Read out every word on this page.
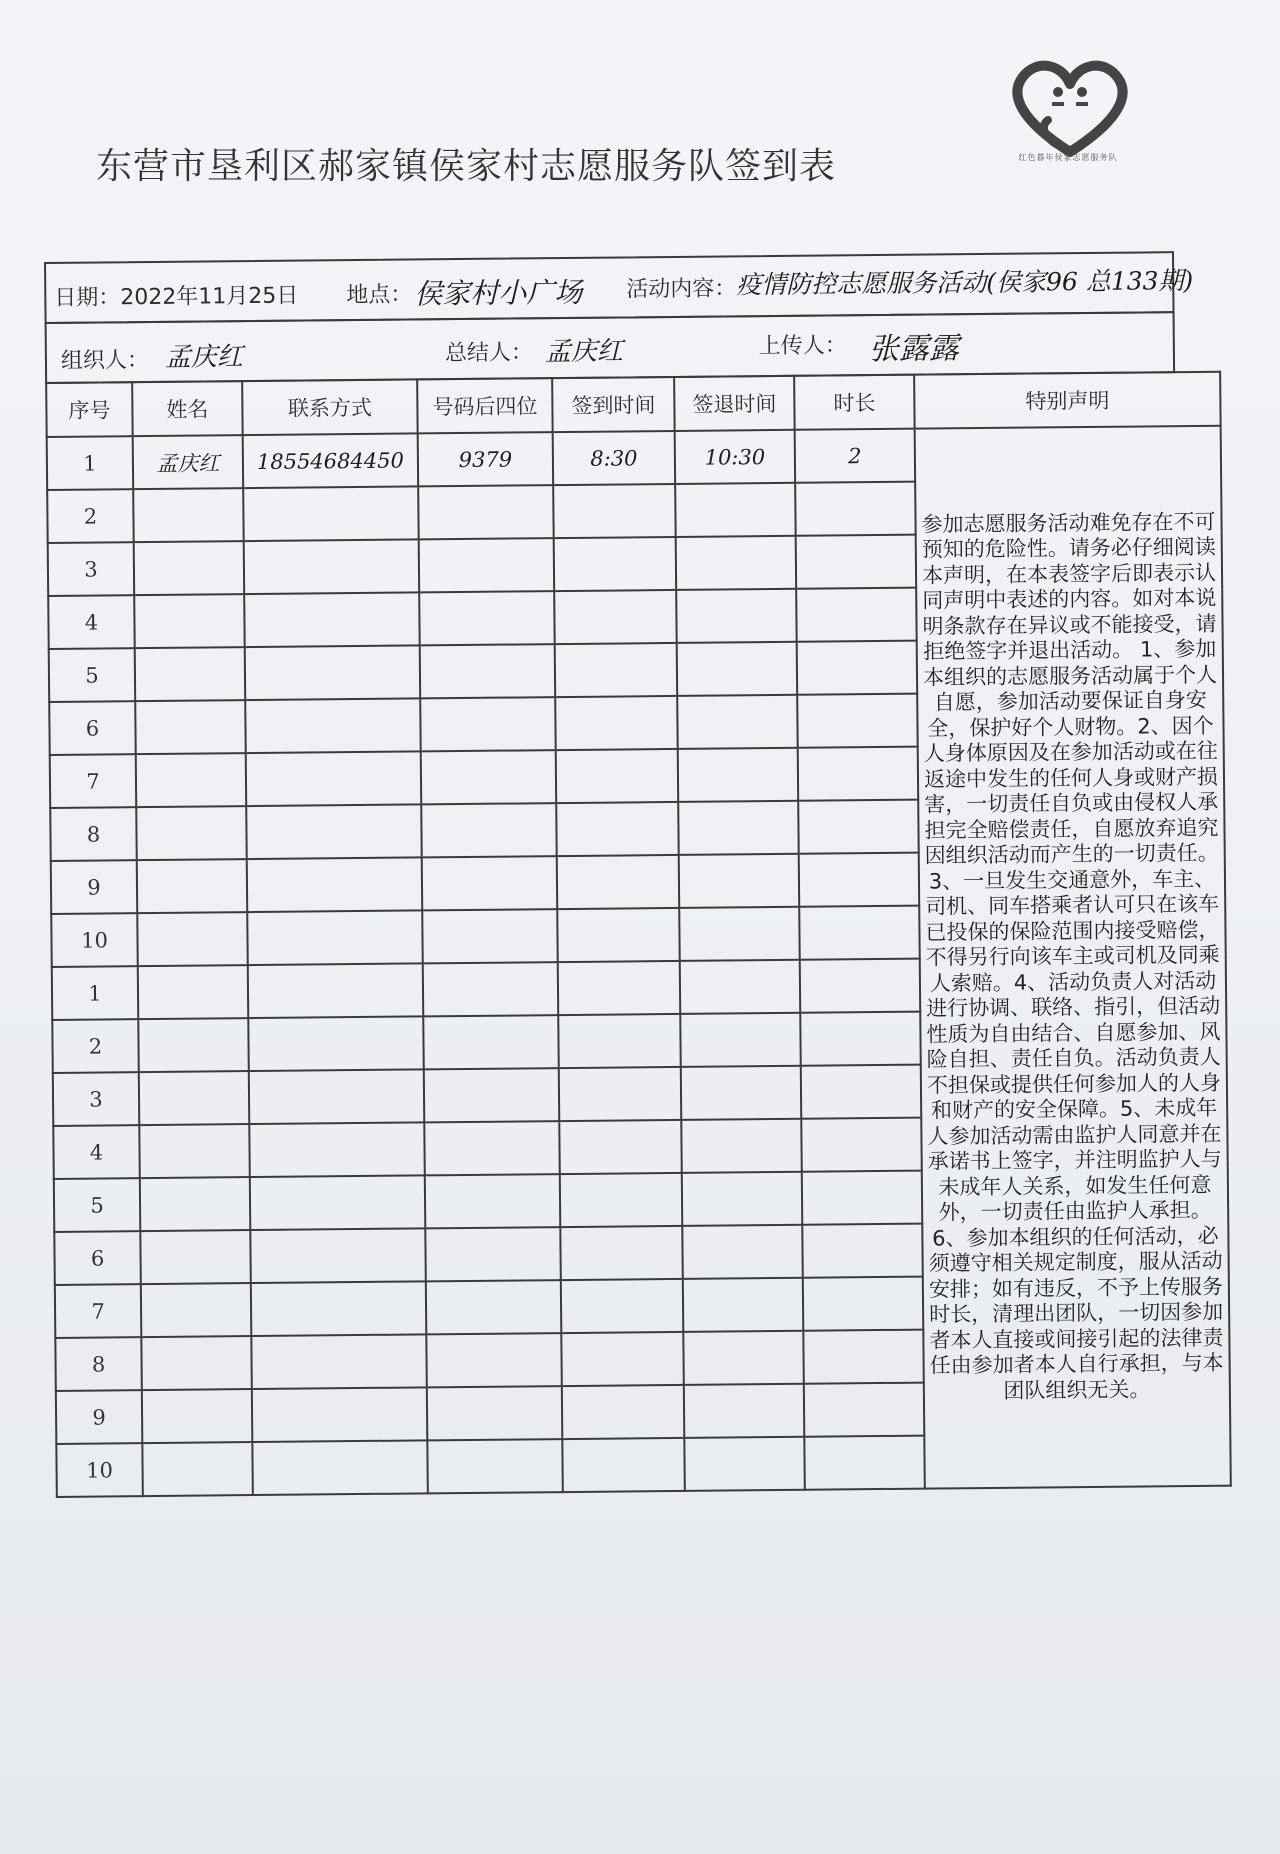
东营市垦利区郝家镇侯家村志愿服务队签到表	红色暮年侯家志愿服务队
日期： 2022年11月25日 地点： 侯家村小广场 活动内容： 疫情防控志愿服务活动(侯家96 总133期)
组织人： 孟庆红	总结人： 孟庆红	上传人： 张露露
序号	姓名	联系方式	号码后四位	签到时间	签退时间	时长	特别声明
1	孟庆红	18554684450	9379	8:30	10:30	2	参加志愿服务活动难免存在不可预知的危险性。请务必仔细阅读本声明，在本表签字后即表示认同声明中表述的内容。如对本说明条款存在异议或不能接受，请拒绝签字并退出活动。 1、参加本组织的志愿服务活动属于个人自愿，参加活动要保证自身安全，保护好个人财物。2、因个人身体原因及在参加活动或在往返途中发生的任何人身或财产损害，一切责任自负或由侵权人承担完全赔偿责任，自愿放弃追究因组织活动而产生的一切责任。3、一旦发生交通意外，车主、司机、同车搭乘者认可只在该车已投保的保险范围内接受赔偿，不得另行向该车主或司机及同乘人索赔。4、活动负责人对活动进行协调、联络、指引，但活动性质为自由结合、自愿参加、风险自担、责任自负。活动负责人不担保或提供任何参加人的人身和财产的安全保障。5、未成年人参加活动需由监护人同意并在承诺书上签字，并注明监护人与未成年人关系，如发生任何意外，一切责任由监护人承担。6、参加本组织的任何活动，必须遵守相关规定制度，服从活动安排；如有违反，不予上传服务时长，清理出团队，一切因参加者本人直接或间接引起的法律责任由参加者本人自行承担，与本团队组织无关。
2							
3							
4							
5							
6							
7							
8							
9							
10							
1							
2							
3							
4							
5							
6							
7							
8							
9							
10							
